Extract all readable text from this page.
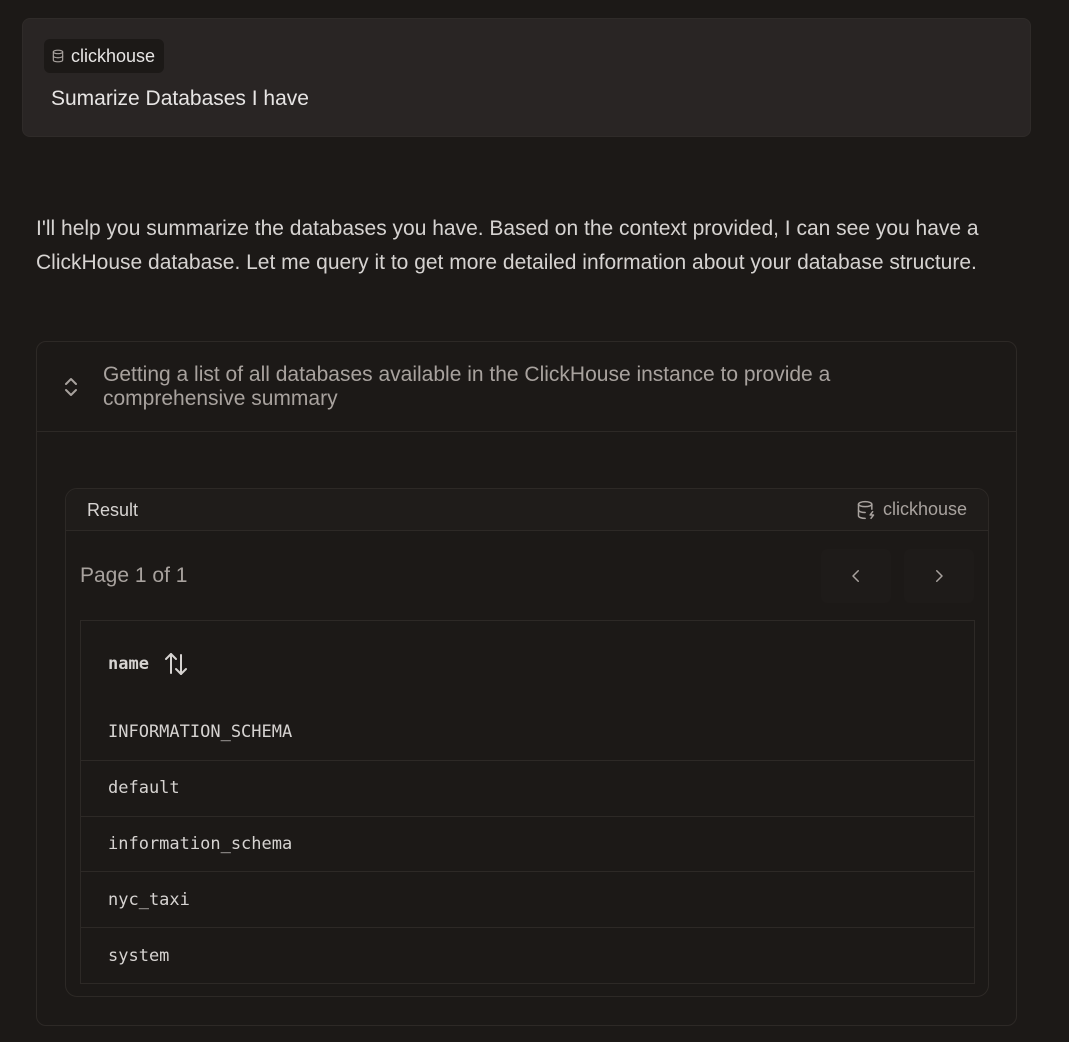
clickhouse
Sumarize Databases I have

I'll help you summarize the databases you have. Based on the context provided, I can see you have a ClickHouse database. Let me query it to get more detailed information about your database structure.

Getting a list of all databases available in the ClickHouse instance to provide a comprehensive summary
Result	clickhouse
Page 1 of 1
name
INFORMATION_SCHEMA
default
information_schema
nyc_taxi
system
